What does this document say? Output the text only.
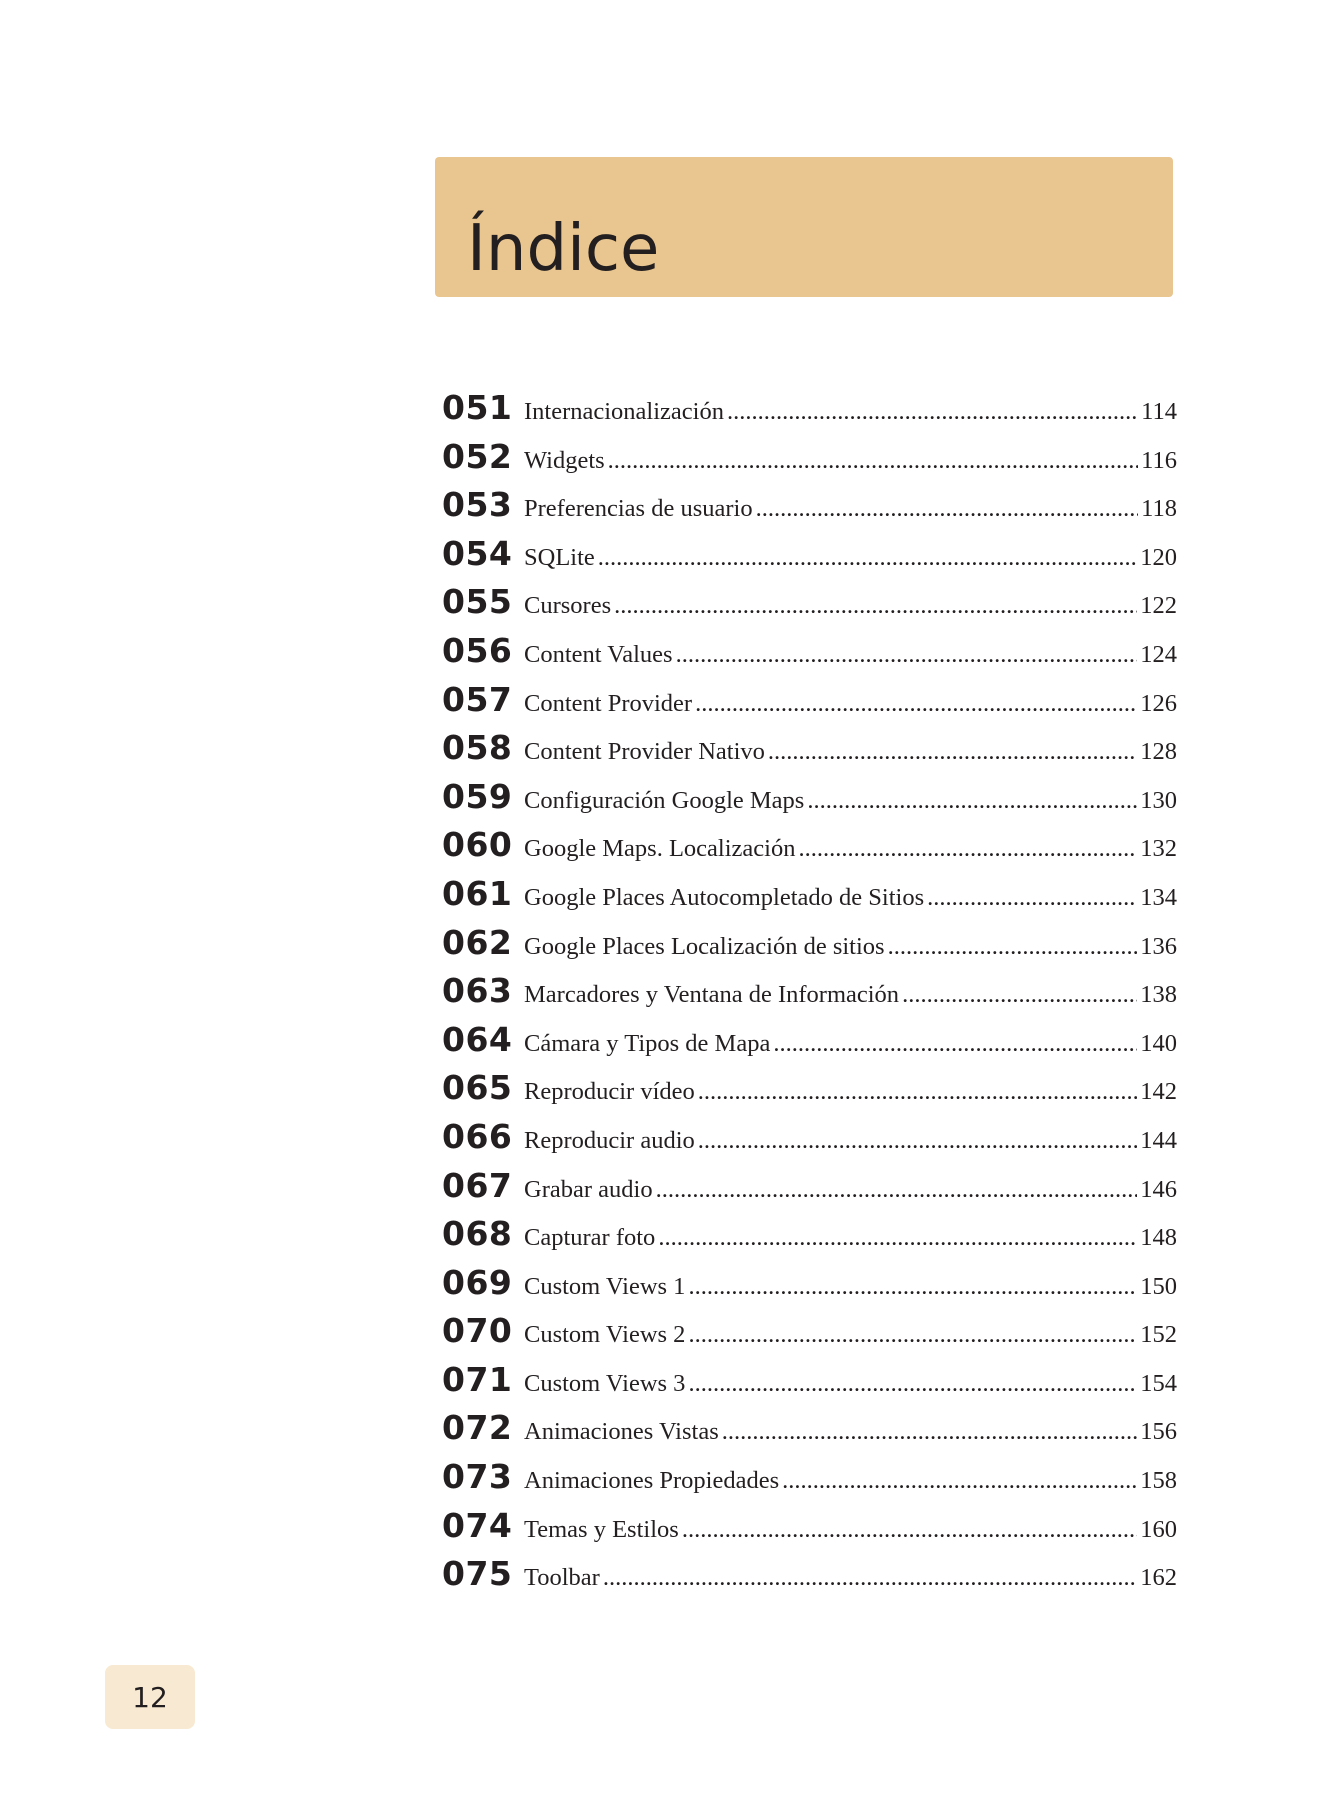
Índice
051 Internacionalización .....	114
052 Widgets .....	116
053 Preferencias de usuario .....	118
054 SQLite .....	120
055 Cursores .....	122
056 Content Values .....	124
057 Content Provider .....	126
058 Content Provider Nativo .....	128
059 Configuración Google Maps .....	130
060 Google Maps. Localización .....	132
061 Google Places Autocompletado de Sitios .....	134
062 Google Places Localización de sitios .....	136
063 Marcadores y Ventana de Información .....	138
064 Cámara y Tipos de Mapa .....	140
065 Reproducir vídeo .....	142
066 Reproducir audio .....	144
067 Grabar audio .....	146
068 Capturar foto .....	148
069 Custom Views 1 .....	150
070 Custom Views 2 .....	152
071 Custom Views 3 .....	154
072 Animaciones Vistas .....	156
073 Animaciones Propiedades .....	158
074 Temas y Estilos .....	160
075 Toolbar .....	162
12
